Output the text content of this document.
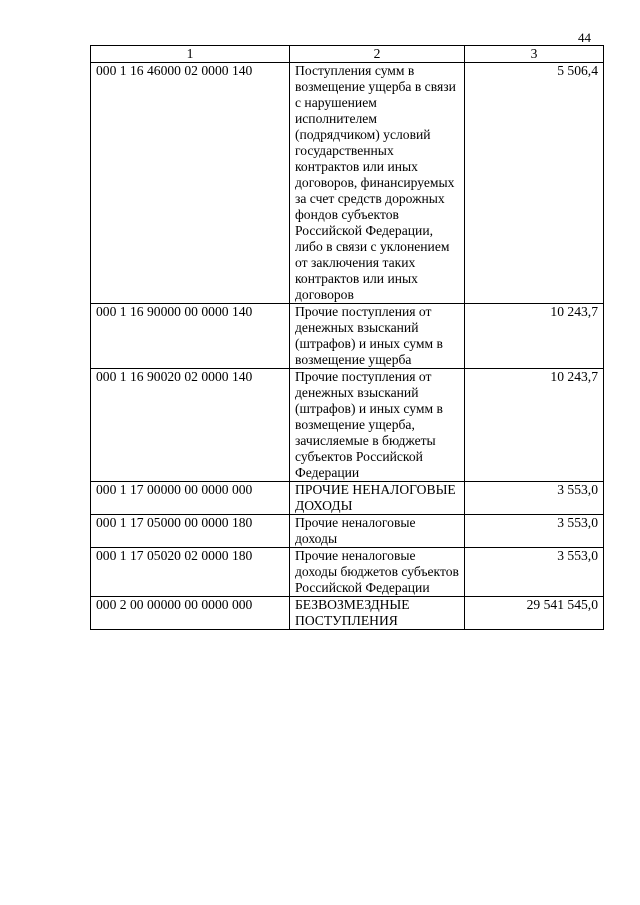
44
1	2	3
000 1 16 46000 02 0000 140	Поступления сумм в возмещение ущерба в связи с нарушением исполнителем (подрядчиком) условий государственных контрактов или иных договоров, финансируемых за счет средств дорожных фондов субъектов Российской Федерации, либо в связи с уклонением от заключения таких контрактов или иных договоров	5 506,4
000 1 16 90000 00 0000 140	Прочие поступления от денежных взысканий (штрафов) и иных сумм в возмещение ущерба	10 243,7
000 1 16 90020 02 0000 140	Прочие поступления от денежных взысканий (штрафов) и иных сумм в возмещение ущерба, зачисляемые в бюджеты субъектов Российской Федерации	10 243,7
000 1 17 00000 00 0000 000	ПРОЧИЕ НЕНАЛОГОВЫЕ ДОХОДЫ	3 553,0
000 1 17 05000 00 0000 180	Прочие неналоговые доходы	3 553,0
000 1 17 05020 02 0000 180	Прочие неналоговые доходы бюджетов субъектов Российской Федерации	3 553,0
000 2 00 00000 00 0000 000	БЕЗВОЗМЕЗДНЫЕ ПОСТУПЛЕНИЯ	29 541 545,0
